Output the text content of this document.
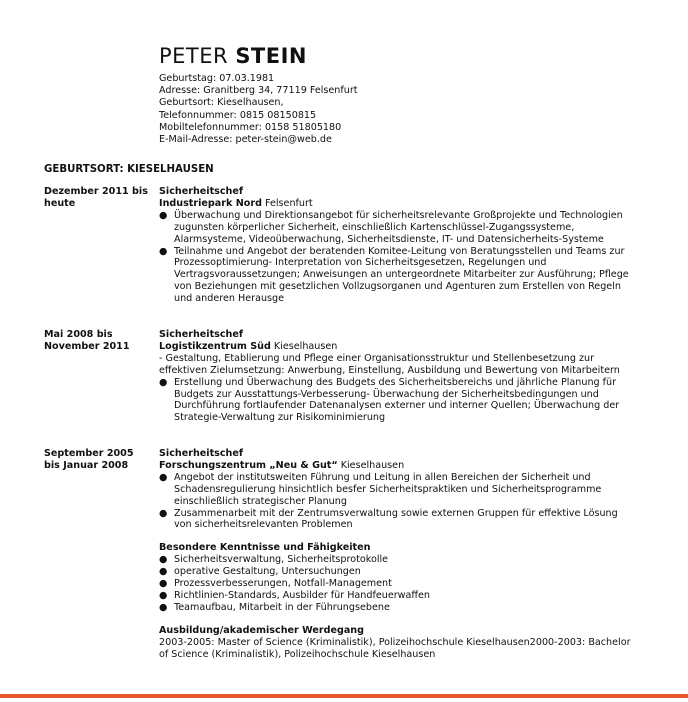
PETER STEIN
Geburtstag: 07.03.1981
Adresse: Granitberg 34, 77119 Felsenfurt
Geburtsort: Kieselhausen,
Telefonnummer: 0815 08150815
Mobiltelefonnummer: 0158 51805180
E-Mail-Adresse: peter-stein@web.de
GEBURTSORT: KIESELHAUSEN
Dezember 2011 bis heute
Sicherheitschef
Industriepark Nord Felsenfurt
● Überwachung und Direktionsangebot für sicherheitsrelevante Großprojekte und Technologien zugunsten körperlicher Sicherheit, einschließlich Kartenschlüssel-Zugangssysteme, Alarmsysteme, Videoüberwachung, Sicherheitsdienste, IT- und Datensicherheits-Systeme
● Teilnahme und Angebot der beratenden Komitee-Leitung von Beratungsstellen und Teams zur Prozessoptimierung- Interpretation von Sicherheitsgesetzen, Regelungen und Vertragsvoraussetzungen; Anweisungen an untergeordnete Mitarbeiter zur Ausführung; Pflege von Beziehungen mit gesetzlichen Vollzugsorganen und Agenturen zum Erstellen von Regeln und anderen Herausge
Mai 2008 bis November 2011
Sicherheitschef
Logistikzentrum Süd Kieselhausen
- Gestaltung, Etablierung und Pflege einer Organisationsstruktur und Stellenbesetzung zur effektiven Zielumsetzung: Anwerbung, Einstellung, Ausbildung und Bewertung von Mitarbeitern
● Erstellung und Überwachung des Budgets des Sicherheitsbereichs und jährliche Planung für Budgets zur Ausstattungs-Verbesserung- Überwachung der Sicherheitsbedingungen und Durchführung fortlaufender Datenanalysen externer und interner Quellen; Überwachung der Strategie-Verwaltung zur Risikominimierung
September 2005 bis Januar 2008
Sicherheitschef
Forschungszentrum „Neu & Gut“ Kieselhausen
● Angebot der institutsweiten Führung und Leitung in allen Bereichen der Sicherheit und Schadensregulierung hinsichtlich besfer Sicherheitspraktiken und Sicherheitsprogramme einschließlich strategischer Planung
● Zusammenarbeit mit der Zentrumsverwaltung sowie externen Gruppen für effektive Lösung von sicherheitsrelevanten Problemen
Besondere Kenntnisse und Fähigkeiten
● Sicherheitsverwaltung, Sicherheitsprotokolle
● operative Gestaltung, Untersuchungen
● Prozessverbesserungen, Notfall-Management
● Richtlinien-Standards, Ausbilder für Handfeuerwaffen
● Teamaufbau, Mitarbeit in der Führungsebene
Ausbildung/akademischer Werdegang
2003-2005: Master of Science (Kriminalistik), Polizeihochschule Kieselhausen2000-2003: Bachelor of Science (Kriminalistik), Polizeihochschule Kieselhausen
